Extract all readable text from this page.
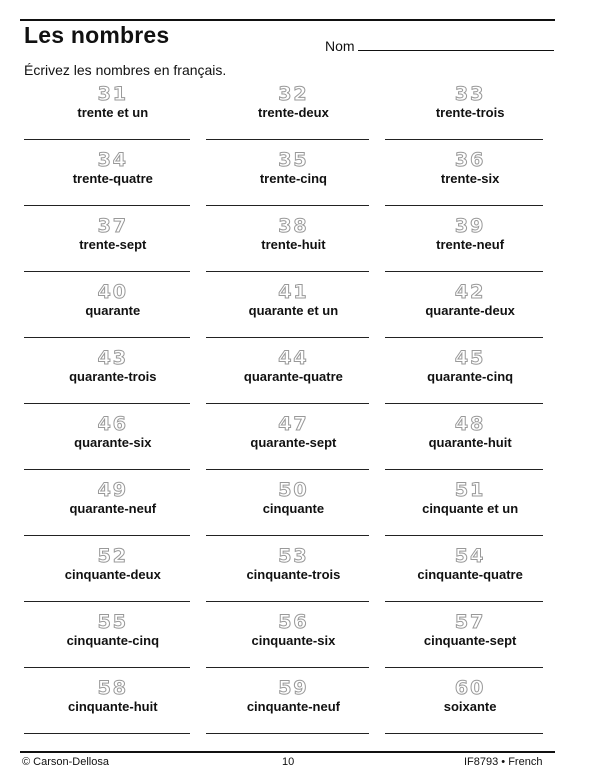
Les nombres	Nom
Écrivez les nombres en français.
31
trente et un
32
trente-deux
33
trente-trois
34
trente-quatre
35
trente-cinq
36
trente-six
37
trente-sept
38
trente-huit
39
trente-neuf
40
quarante
41
quarante et un
42
quarante-deux
43
quarante-trois
44
quarante-quatre
45
quarante-cinq
46
quarante-six
47
quarante-sept
48
quarante-huit
49
quarante-neuf
50
cinquante
51
cinquante et un
52
cinquante-deux
53
cinquante-trois
54
cinquante-quatre
55
cinquante-cinq
56
cinquante-six
57
cinquante-sept
58
cinquante-huit
59
cinquante-neuf
60
soixante
© Carson-Dellosa	10	IF8793 • French
